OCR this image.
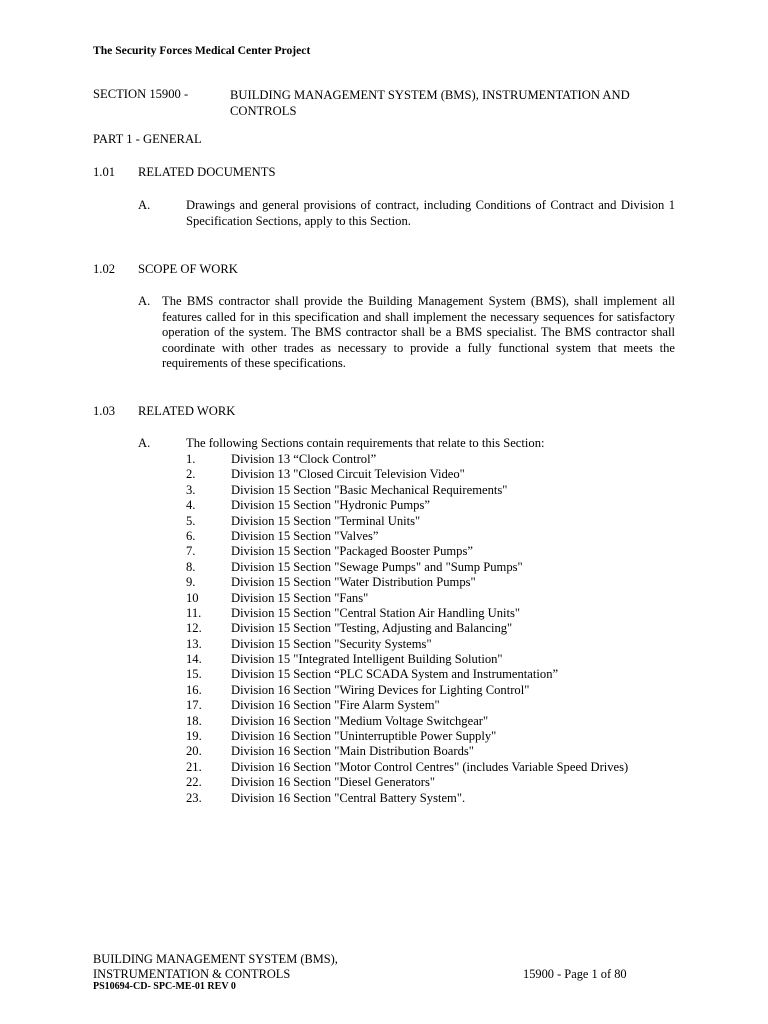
The Security Forces Medical Center Project
SECTION 15900 -	BUILDING MANAGEMENT SYSTEM (BMS), INSTRUMENTATION AND CONTROLS
PART 1 - GENERAL
1.01 RELATED DOCUMENTS
A.	Drawings and general provisions of contract, including Conditions of Contract and Division 1 Specification Sections, apply to this Section.
1.02 SCOPE OF WORK
A. The BMS contractor shall provide the Building Management System (BMS), shall implement all features called for in this specification and shall implement the necessary sequences for satisfactory operation of the system. The BMS contractor shall be a BMS specialist. The BMS contractor shall coordinate with other trades as necessary to provide a fully functional system that meets the requirements of these specifications.
1.03 RELATED WORK
A.	The following Sections contain requirements that relate to this Section:
1.	Division 13 “Clock Control”
2.	Division 13 "Closed Circuit Television Video"
3.	Division 15 Section "Basic Mechanical Requirements"
4.	Division 15 Section "Hydronic Pumps”
5.	Division 15 Section "Terminal Units"
6.	Division 15 Section "Valves”
7.	Division 15 Section "Packaged Booster Pumps”
8.	Division 15 Section "Sewage Pumps" and "Sump Pumps"
9.	Division 15 Section "Water Distribution Pumps"
10	Division 15 Section "Fans"
11. Division 15 Section "Central Station Air Handling Units"
12. Division 15 Section "Testing, Adjusting and Balancing"
13. Division 15 Section "Security Systems"
14. Division 15 "Integrated Intelligent Building Solution"
15. Division 15 Section “PLC SCADA System and Instrumentation”
16. Division 16 Section "Wiring Devices for Lighting Control"
17. Division 16 Section "Fire Alarm System"
18. Division 16 Section "Medium Voltage Switchgear"
19. Division 16 Section "Uninterruptible Power Supply"
20. Division 16 Section "Main Distribution Boards"
21. Division 16 Section "Motor Control Centres" (includes Variable Speed Drives)
22. Division 16 Section "Diesel Generators"
23. Division 16 Section "Central Battery System".
BUILDING MANAGEMENT SYSTEM (BMS),
INSTRUMENTATION & CONTROLS	15900 - Page 1 of 80
PS10694-CD- SPC-ME-01 REV 0
